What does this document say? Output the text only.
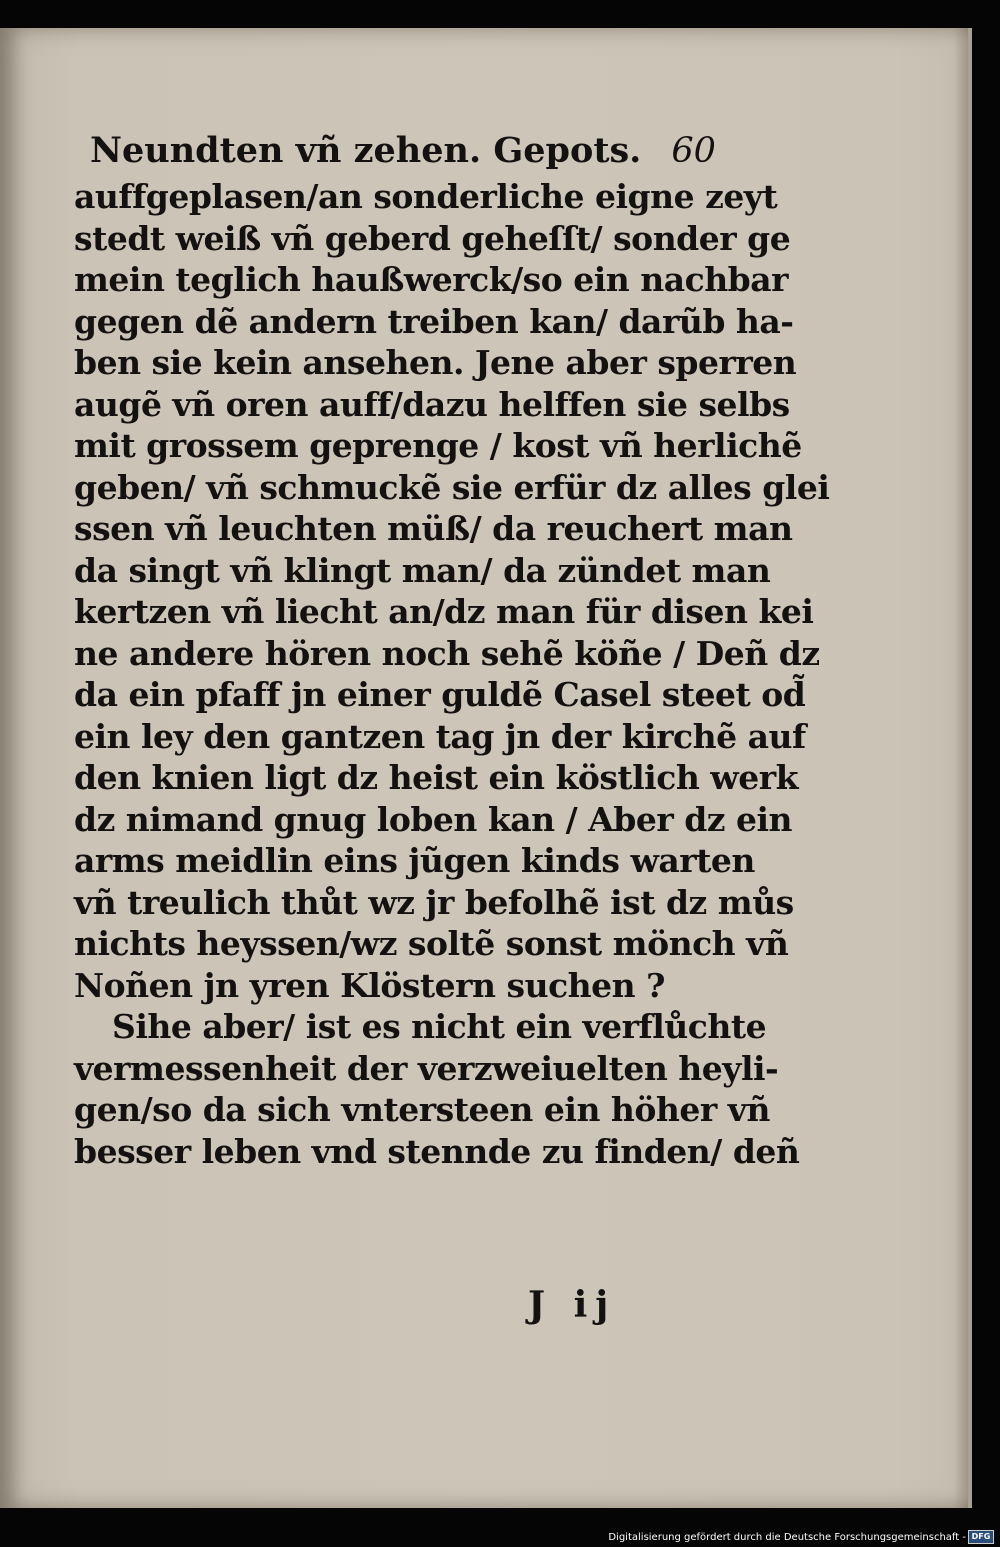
Neundten vñ zehen. Gepots. 60
auffgeplasen/an sonderliche eigne zeyt
stedt weiß vñ geberd geheſſt/ sonder ge
mein teglich haußwerck/so ein nachbar
gegen dẽ andern treiben kan/ darũb ha-
ben sie kein ansehen. Jene aber sperren
augẽ vñ oren auff/dazu helffen sie selbs
mit grossem geprenge / kost vñ herlichẽ
geben/ vñ schmuckẽ sie erfür dz alles glei
ssen vñ leuchten müß/ da reuchert man
da singt vñ klingt man/ da zündet man
kertzen vñ liecht an/dz man für disen kei
ne andere hören noch sehẽ köñe / Deñ dz
da ein pfaff jn einer guldẽ Casel steet od̃
ein ley den gantzen tag jn der kirchẽ auf
den knien ligt dz heist ein köstlich werk
dz nimand gnug loben kan / Aber dz ein
arms meidlin eins jũgen kinds warten
vñ treulich thůt wz jr befolhẽ ist dz můs
nichts heyssen/wz soltẽ sonst mönch vñ
Noñen jn yren Klöstern suchen ?
Sihe aber/ ist es nicht ein verflůchte
vermessenheit der verzweiuelten heyli-
gen/so da sich vntersteen ein höher vñ
besser leben vnd stennde zu finden/ deñ
J ij
Digitalisierung gefördert durch die Deutsche Forschungsgemeinschaft - DFG
